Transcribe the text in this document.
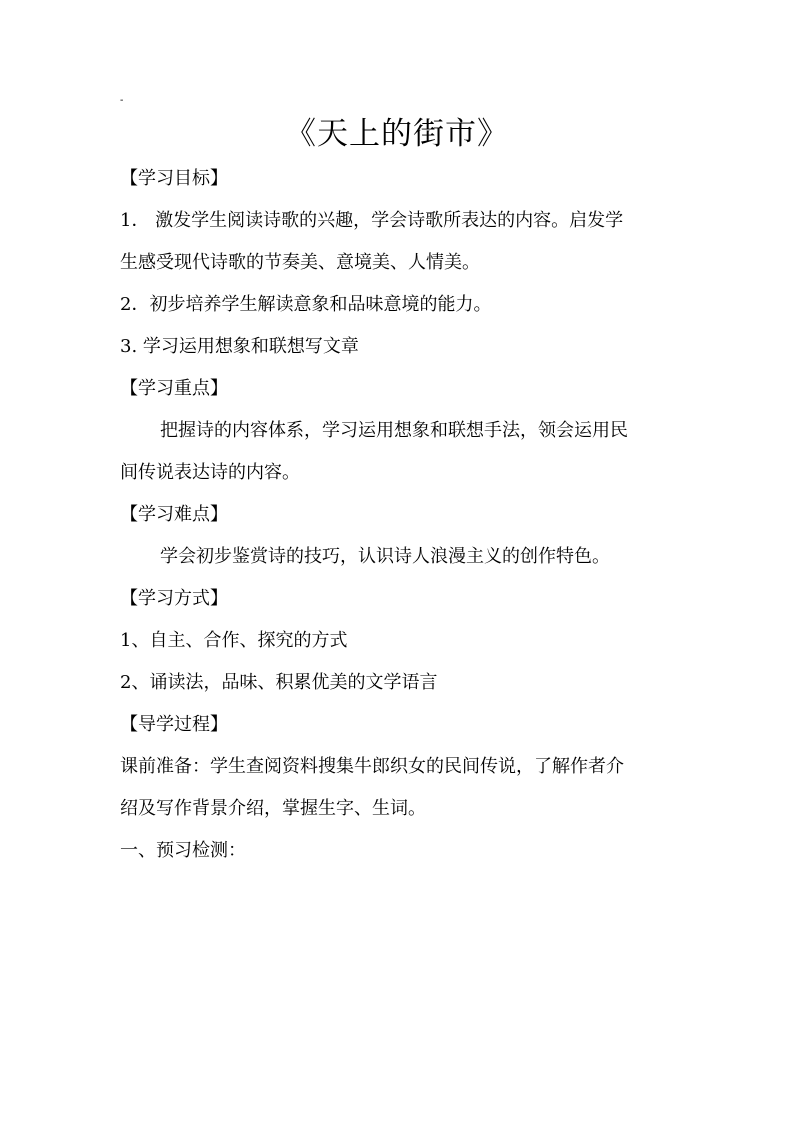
-
《天上的街市》
【学习目标】
1． 激发学生阅读诗歌的兴趣，学会诗歌所表达的内容。启发学
生感受现代诗歌的节奏美、意境美、人情美。
2．初步培养学生解读意象和品味意境的能力。
3. 学习运用想象和联想写文章
【学习重点】
把握诗的内容体系，学习运用想象和联想手法，领会运用民
间传说表达诗的内容。
【学习难点】
学会初步鉴赏诗的技巧，认识诗人浪漫主义的创作特色。
【学习方式】
1、自主、合作、探究的方式
2、诵读法，品味、积累优美的文学语言
【导学过程】
课前准备：学生查阅资料搜集牛郎织女的民间传说，了解作者介
绍及写作背景介绍，掌握生字、生词。
一、预习检测：
